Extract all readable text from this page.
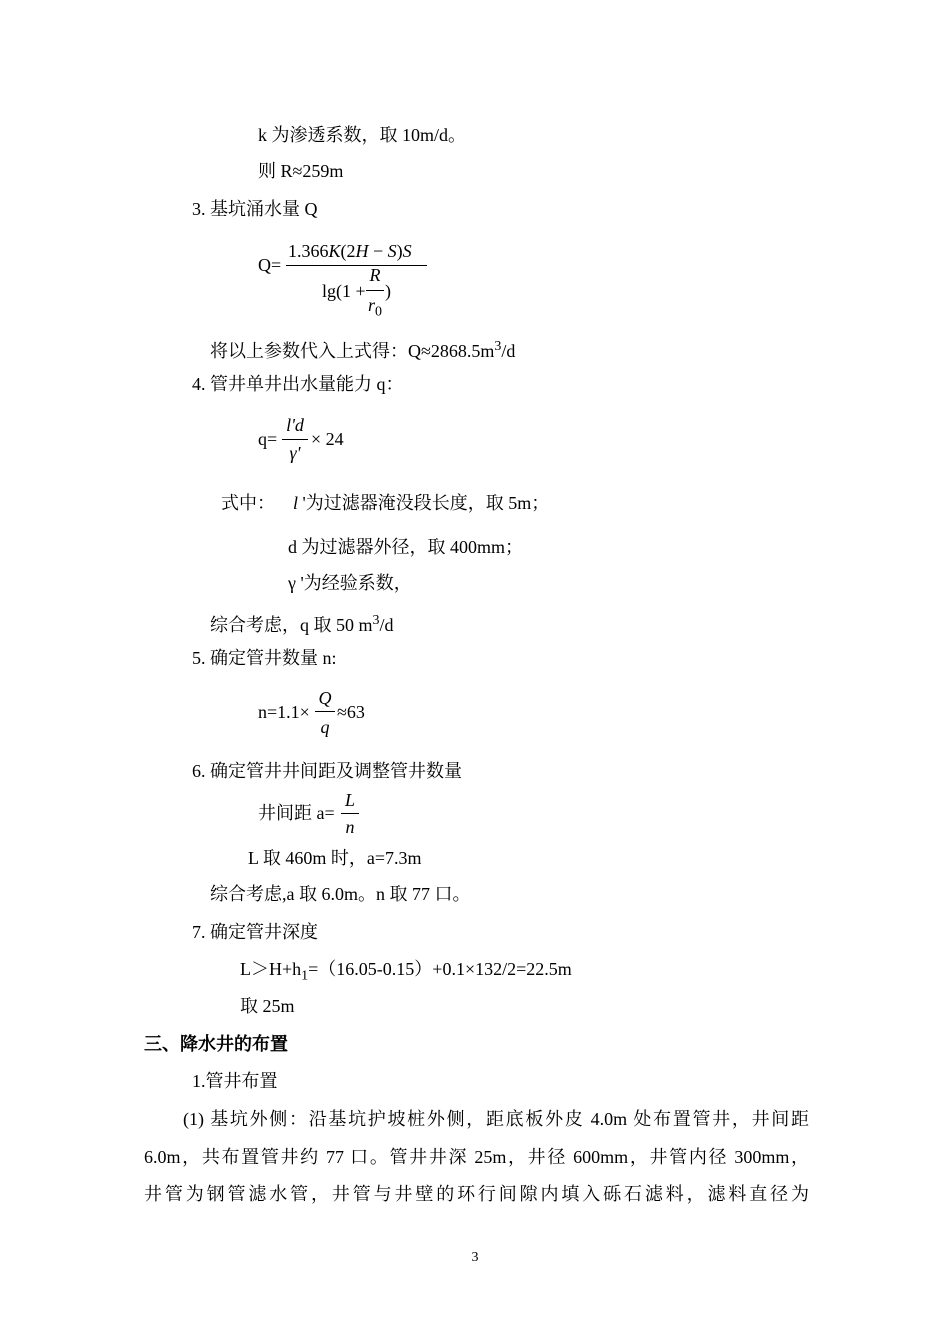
k 为渗透系数，取 10m/d。
则 R≈259m
3. 基坑涌水量 Q
Q=
1.366K(2H − S)S
lg(1 +
R
$r_0$
)
将以上参数代入上式得：$Q\approx 2868.5m^3/d$
4. 管井单井出水量能力 q：
q=
l'd
γ'
× 24
式中： l '为过滤器淹没段长度，取 5m；
d 为过滤器外径，取 400mm；
γ '为经验系数，
综合考虑，q 取 50 $m^3/d$
5. 确定管井数量 n:
n=1.1×
Q
q
≈63
6. 确定管井井间距及调整管井数量
井间距 a=
L
n
L 取 460m 时，a=7.3m
综合考虑,a 取 6.0m。n 取 77 口。
7. 确定管井深度
$L>H+h_1=(16.05-0.15)+0.1\times 132/2=22.5m$
取 25m
三、降水井的布置
1.管井布置
(1) 基坑外侧：沿基坑护坡桩外侧，距底板外皮 4.0m 处布置管井，井间距
6.0m，共布置管井约 77 口。管井井深 25m，井径 600mm，井管内径 300mm，
井管为钢管滤水管，井管与井壁的环行间隙内填入砾石滤料，滤料直径为
3
